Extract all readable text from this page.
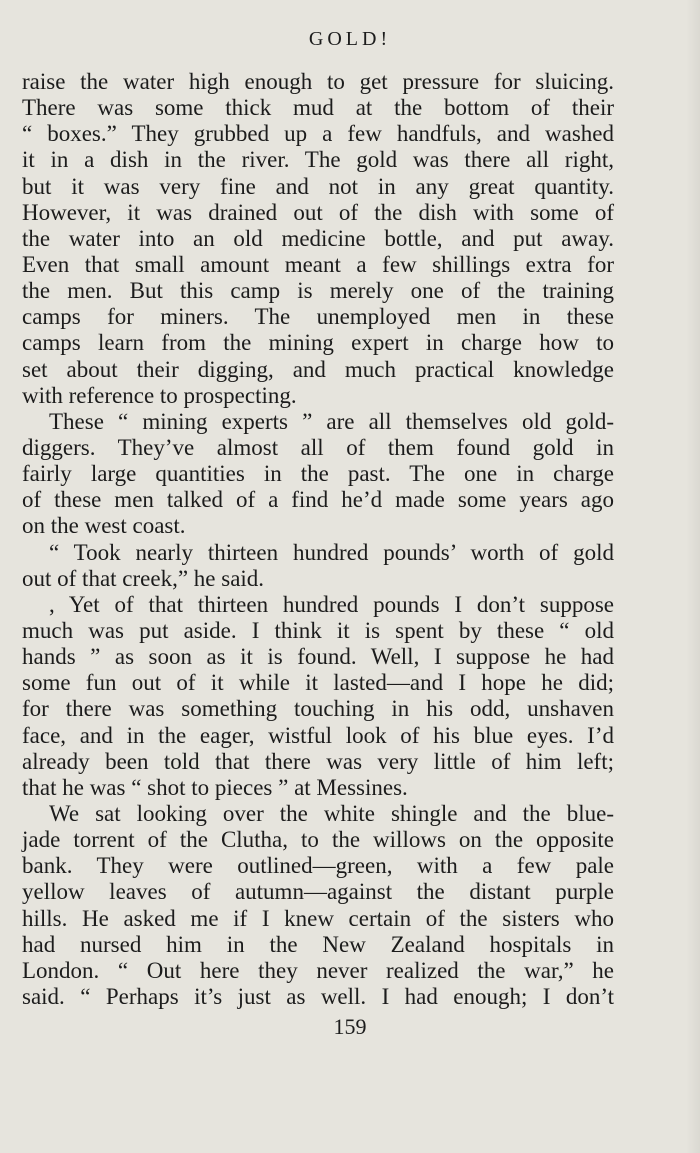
GOLD!
raise the water high enough to get pressure for sluicing.
There was some thick mud at the bottom of their
“ boxes.” They grubbed up a few handfuls, and washed
it in a dish in the river. The gold was there all right,
but it was very fine and not in any great quantity.
However, it was drained out of the dish with some of
the water into an old medicine bottle, and put away.
Even that small amount meant a few shillings extra for
the men. But this camp is merely one of the training
camps for miners. The unemployed men in these
camps learn from the mining expert in charge how to
set about their digging, and much practical knowledge
with reference to prospecting.
These “ mining experts ” are all themselves old gold-
diggers. They’ve almost all of them found gold in
fairly large quantities in the past. The one in charge
of these men talked of a find he’d made some years ago
on the west coast.
“ Took nearly thirteen hundred pounds’ worth of gold
out of that creek,” he said.
, Yet of that thirteen hundred pounds I don’t suppose
much was put aside. I think it is spent by these “ old
hands ” as soon as it is found. Well, I suppose he had
some fun out of it while it lasted—and I hope he did;
for there was something touching in his odd, unshaven
face, and in the eager, wistful look of his blue eyes. I’d
already been told that there was very little of him left;
that he was “ shot to pieces ” at Messines.
We sat looking over the white shingle and the blue-
jade torrent of the Clutha, to the willows on the opposite
bank. They were outlined—green, with a few pale
yellow leaves of autumn—against the distant purple
hills. He asked me if I knew certain of the sisters who
had nursed him in the New Zealand hospitals in
London. “ Out here they never realized the war,” he
said. “ Perhaps it’s just as well. I had enough; I don’t
159
